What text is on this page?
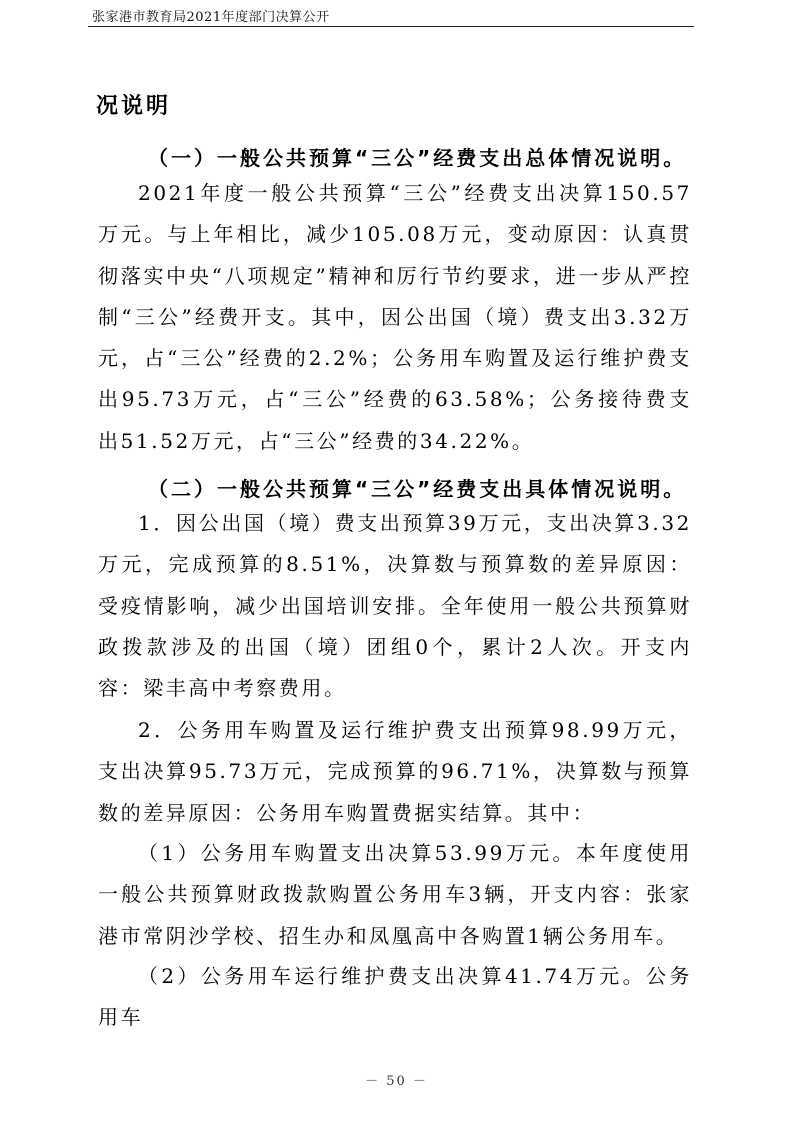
张家港市教育局2021年度部门决算公开
况说明
（一）一般公共预算“三公”经费支出总体情况说明。
2021年度一般公共预算“三公”经费支出决算150.57万元。与上年相比，减少105.08万元，变动原因：认真贯彻落实中央“八项规定”精神和厉行节约要求，进一步从严控制“三公”经费开支。其中，因公出国（境）费支出3.32万元，占“三公”经费的2.2%；公务用车购置及运行维护费支出95.73万元，占“三公”经费的63.58%；公务接待费支出51.52万元，占“三公”经费的34.22%。
（二）一般公共预算“三公”经费支出具体情况说明。
1．因公出国（境）费支出预算39万元，支出决算3.32万元，完成预算的8.51%，决算数与预算数的差异原因：受疫情影响，减少出国培训安排。全年使用一般公共预算财政拨款涉及的出国（境）团组0个，累计2人次。开支内容：梁丰高中考察费用。
2．公务用车购置及运行维护费支出预算98.99万元，支出决算95.73万元，完成预算的96.71%，决算数与预算数的差异原因：公务用车购置费据实结算。其中：
（1）公务用车购置支出决算53.99万元。本年度使用一般公共预算财政拨款购置公务用车3辆，开支内容：张家港市常阴沙学校、招生办和凤凰高中各购置1辆公务用车。
（2）公务用车运行维护费支出决算41.74万元。公务用车
－ 50 －
